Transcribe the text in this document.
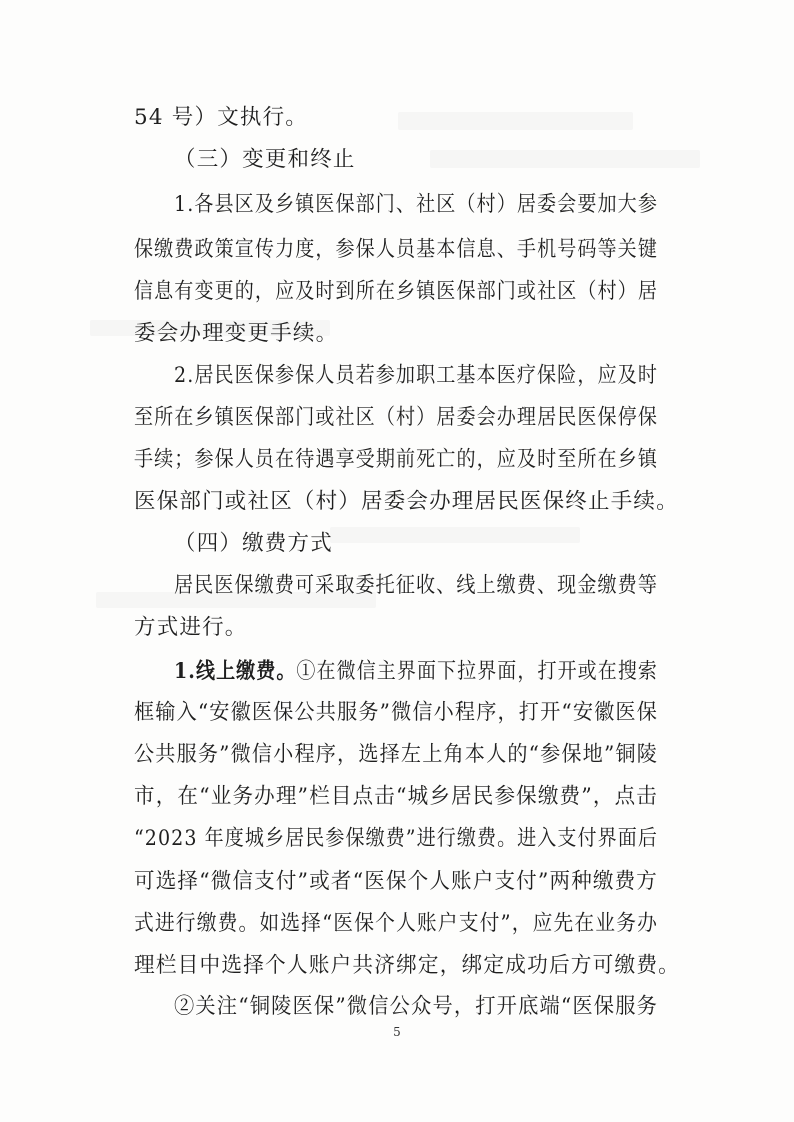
54 号）文执行。
（三）变更和终止
1.各县区及乡镇医保部门、社区（村）居委会要加大参
保缴费政策宣传力度，参保人员基本信息、手机号码等关键
信息有变更的，应及时到所在乡镇医保部门或社区（村）居
委会办理变更手续。
2.居民医保参保人员若参加职工基本医疗保险，应及时
至所在乡镇医保部门或社区（村）居委会办理居民医保停保
手续；参保人员在待遇享受期前死亡的，应及时至所在乡镇
医保部门或社区（村）居委会办理居民医保终止手续。
（四）缴费方式
居民医保缴费可采取委托征收、线上缴费、现金缴费等
方式进行。
1.线上缴费。 ①在微信主界面下拉界面，打开或在搜索
框输入“安徽医保公共服务”微信小程序，打开“安徽医保
公共服务”微信小程序，选择左上角本人的“参保地”铜陵
市，在“业务办理”栏目点击“城乡居民参保缴费”，点击
“2023 年度城乡居民参保缴费”进行缴费。进入支付界面后
可选择“微信支付”或者“医保个人账户支付”两种缴费方
式进行缴费。如选择“医保个人账户支付”，应先在业务办
理栏目中选择个人账户共济绑定，绑定成功后方可缴费。
②关注“铜陵医保”微信公众号，打开底端“医保服务
5
